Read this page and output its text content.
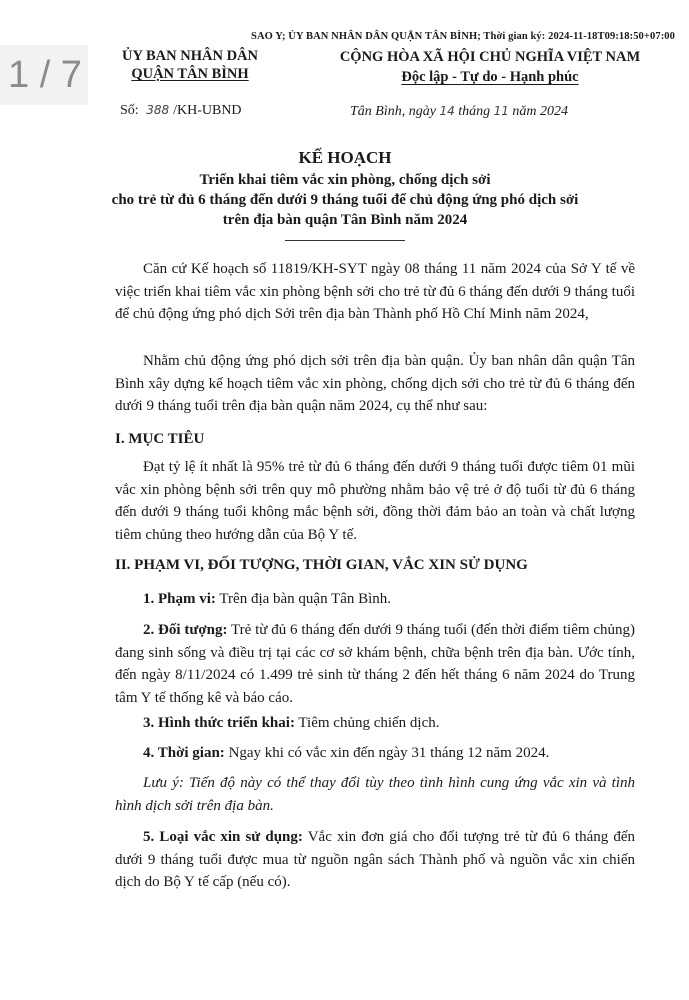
SAO Y; ỦY BAN NHÂN DÂN QUẬN TÂN BÌNH; Thời gian ký: 2024-11-18T09:18:50+07:00
1 / 7	ỦY BAN NHÂN DÂN
QUẬN TÂN BÌNH
CỘNG HÒA XÃ HỘI CHỦ NGHĨA VIỆT NAM
Độc lập - Tự do - Hạnh phúc
Số: 388 /KH-UBND	Tân Bình, ngày 14 tháng 11 năm 2024
KẾ HOẠCH
Triển khai tiêm vắc xin phòng, chống dịch sởi
cho trẻ từ đủ 6 tháng đến dưới 9 tháng tuổi để chủ động ứng phó dịch sởi
trên địa bàn quận Tân Bình năm 2024
Căn cứ Kế hoạch số 11819/KH-SYT ngày 08 tháng 11 năm 2024 của Sở Y tế về việc triển khai tiêm vắc xin phòng bệnh sởi cho trẻ từ đủ 6 tháng đến dưới 9 tháng tuổi để chủ động ứng phó dịch Sởi trên địa bàn Thành phố Hồ Chí Minh năm 2024,
Nhằm chủ động ứng phó dịch sởi trên địa bàn quận. Ủy ban nhân dân quận Tân Bình xây dựng kế hoạch tiêm vắc xin phòng, chống dịch sởi cho trẻ từ đủ 6 tháng đến dưới 9 tháng tuổi trên địa bàn quận năm 2024, cụ thể như sau:
I. MỤC TIÊU
Đạt tỷ lệ ít nhất là 95% trẻ từ đủ 6 tháng đến dưới 9 tháng tuổi được tiêm 01 mũi vắc xin phòng bệnh sởi trên quy mô phường nhằm bảo vệ trẻ ở độ tuổi từ đủ 6 tháng đến dưới 9 tháng tuổi không mắc bệnh sởi, đồng thời đảm bảo an toàn và chất lượng tiêm chủng theo hướng dẫn của Bộ Y tế.
II. PHẠM VI, ĐỐI TƯỢNG, THỜI GIAN, VẮC XIN SỬ DỤNG
1. Phạm vi: Trên địa bàn quận Tân Bình.
2. Đối tượng: Trẻ từ đủ 6 tháng đến dưới 9 tháng tuổi (đến thời điểm tiêm chủng) đang sinh sống và điều trị tại các cơ sở khám bệnh, chữa bệnh trên địa bàn. Ước tính, đến ngày 8/11/2024 có 1.499 trẻ sinh từ tháng 2 đến hết tháng 6 năm 2024 do Trung tâm Y tế thống kê và báo cáo.
3. Hình thức triển khai: Tiêm chủng chiến dịch.
4. Thời gian: Ngay khi có vắc xin đến ngày 31 tháng 12 năm 2024.
Lưu ý: Tiến độ này có thể thay đổi tùy theo tình hình cung ứng vắc xin và tình hình dịch sởi trên địa bàn.
5. Loại vắc xin sử dụng: Vắc xin đơn giá cho đối tượng trẻ từ đủ 6 tháng đến dưới 9 tháng tuổi được mua từ nguồn ngân sách Thành phố và nguồn vắc xin chiến dịch do Bộ Y tế cấp (nếu có).
